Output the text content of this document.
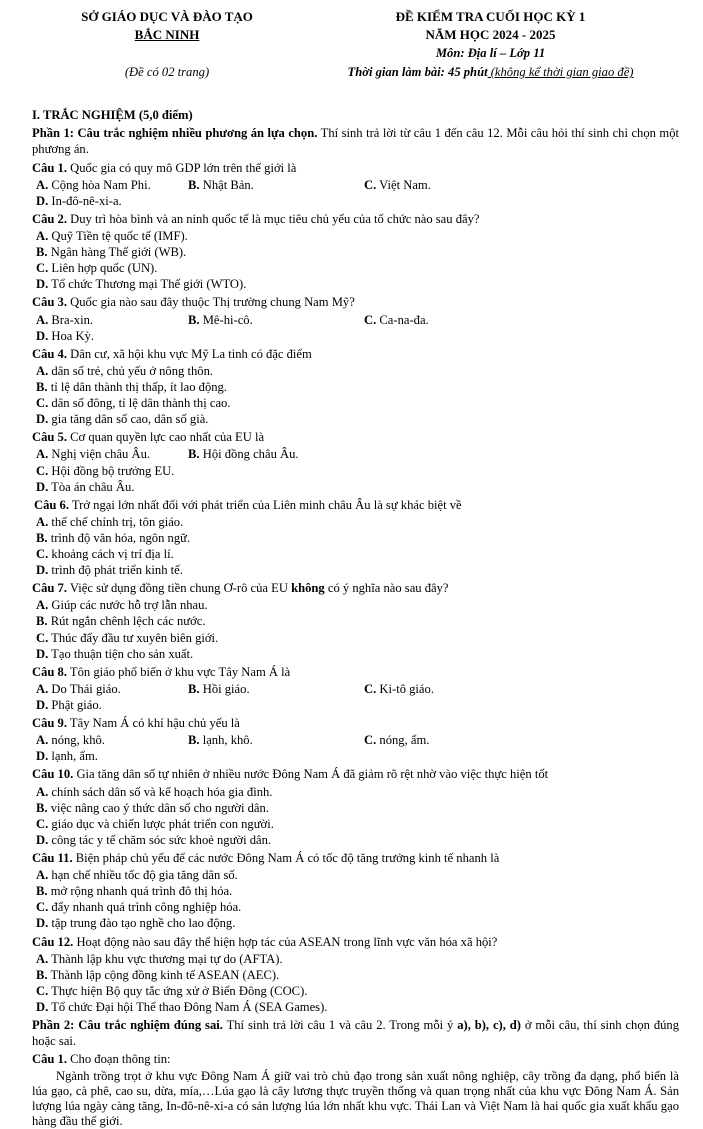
SỞ GIÁO DỤC VÀ ĐÀO TẠO
BẮC NINH
ĐỀ KIỂM TRA CUỐI HỌC KỲ 1
NĂM HỌC 2024 - 2025
Môn: Địa lí – Lớp 11
(Đề có 02 trang)	Thời gian làm bài: 45 phút (không kể thời gian giao đề)
I. TRẮC NGHIỆM (5,0 điểm)
Phần 1: Câu trắc nghiệm nhiều phương án lựa chọn. Thí sinh trả lời từ câu 1 đến câu 12. Mỗi câu hỏi thí sinh chỉ chọn một phương án.
Câu 1. Quốc gia có quy mô GDP lớn trên thế giới là
A. Cộng hòa Nam Phi.	B. Nhật Bản.	C. Việt Nam.
D. In-đô-nê-xi-a.
Câu 2. Duy trì hòa bình và an ninh quốc tế là mục tiêu chủ yếu của tổ chức nào sau đây?
A. Quỹ Tiền tệ quốc tế (IMF).
B. Ngân hàng Thế giới (WB).
C. Liên hợp quốc (UN).
D. Tổ chức Thương mại Thế giới (WTO).
Câu 3. Quốc gia nào sau đây thuộc Thị trường chung Nam Mỹ?
A. Bra-xin.	B. Mê-hi-cô.	C. Ca-na-đa.
D. Hoa Kỳ.
Câu 4. Dân cư, xã hội khu vực Mỹ La tinh có đặc điểm
A. dân số trẻ, chủ yếu ở nông thôn.
B. tỉ lệ dân thành thị thấp, ít lao động.
C. dân số đông, tỉ lệ dân thành thị cao.
D. gia tăng dân số cao, dân số già.
Câu 5. Cơ quan quyền lực cao nhất của EU là
A. Nghị viện châu Âu.	B. Hội đồng châu Âu.
C. Hội đồng bộ trưởng EU.
D. Tòa án châu Âu.
Câu 6. Trở ngại lớn nhất đối với phát triển của Liên minh châu Âu là sự khác biệt về
A. thể chế chính trị, tôn giáo.
B. trình độ văn hóa, ngôn ngữ.
C. khoảng cách vị trí địa lí.
D. trình độ phát triển kinh tế.
Câu 7. Việc sử dụng đồng tiền chung Ơ-rô của EU không có ý nghĩa nào sau đây?
A. Giúp các nước hỗ trợ lẫn nhau.
B. Rút ngắn chênh lệch các nước.
C. Thúc đẩy đầu tư xuyên biên giới.
D. Tạo thuận tiện cho sản xuất.
Câu 8. Tôn giáo phổ biến ở khu vực Tây Nam Á là
A. Do Thái giáo.	B. Hồi giáo.	C. Ki-tô giáo.
D. Phật giáo.
Câu 9. Tây Nam Á có khí hậu chủ yếu là
A. nóng, khô.	B. lạnh, khô.	C. nóng, ẩm.
D. lạnh, ẩm.
Câu 10. Gia tăng dân số tự nhiên ở nhiều nước Đông Nam Á đã giảm rõ rệt nhờ vào việc thực hiện tốt
A. chính sách dân số và kế hoạch hóa gia đình.
B. việc nâng cao ý thức dân số cho người dân.
C. giáo dục và chiến lược phát triển con người.
D. công tác y tế chăm sóc sức khoẻ người dân.
Câu 11. Biện pháp chủ yếu để các nước Đông Nam Á có tốc độ tăng trưởng kinh tế nhanh là
A. hạn chế nhiều tốc độ gia tăng dân số.
B. mở rộng nhanh quá trình đô thị hóa.
C. đẩy nhanh quá trình công nghiệp hóa.
D. tập trung đào tạo nghề cho lao động.
Câu 12. Hoạt động nào sau đây thể hiện hợp tác của ASEAN trong lĩnh vực văn hóa xã hội?
A. Thành lập khu vực thương mại tự do (AFTA).
B. Thành lập cộng đồng kinh tế ASEAN (AEC).
C. Thực hiện Bộ quy tắc ứng xử ở Biển Đông (COC).
D. Tổ chức Đại hội Thể thao Đông Nam Á (SEA Games).
Phần 2: Câu trắc nghiệm đúng sai. Thí sinh trả lời câu 1 và câu 2. Trong mỗi ý a), b), c), d) ở mỗi câu, thí sinh chọn đúng hoặc sai.
Câu 1. Cho đoạn thông tin:
Ngành trồng trọt ở khu vực Đông Nam Á giữ vai trò chủ đạo trong sản xuất nông nghiệp, cây trồng đa dạng, phổ biến là lúa gạo, cà phê, cao su, dừa, mía,…Lúa gạo là cây lương thực truyền thống và quan trọng nhất của khu vực Đông Nam Á. Sản lượng lúa ngày càng tăng, In-đô-nê-xi-a có sản lượng lúa lớn nhất khu vực. Thái Lan và Việt Nam là hai quốc gia xuất khẩu gạo hàng đầu thế giới.
